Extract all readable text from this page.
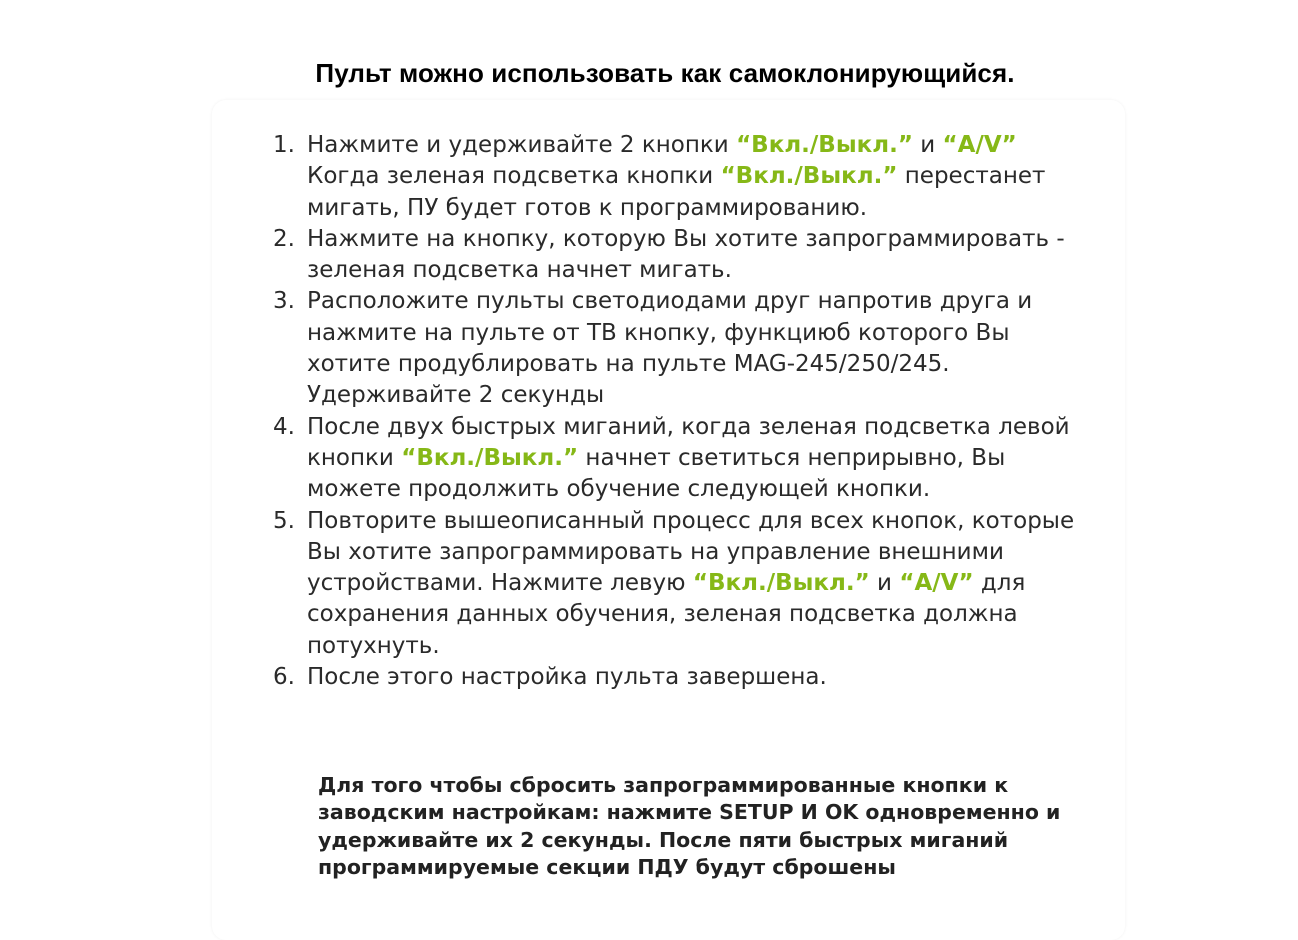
Пульт можно использовать как самоклонирующийся.
1. Нажмите и удерживайте 2 кнопки “Вкл./Выкл.” и “A/V” Когда зеленая подсветка кнопки “Вкл./Выкл.” перестанет мигать, ПУ будет готов к программированию.
2. Нажмите на кнопку, которую Вы хотите запрограммировать - зеленая подсветка начнет мигать.
3. Расположите пульты светодиодами друг напротив друга и нажмите на пульте от ТВ кнопку, функциюб которого Вы хотите продублировать на пульте MAG-245/250/245. Удерживайте 2 секунды
4. После двух быстрых миганий, когда зеленая подсветка левой кнопки “Вкл./Выкл.” начнет светиться неприрывно, Вы можете продолжить обучение следующей кнопки.
5. Повторите вышеописанный процесс для всех кнопок, которые Вы хотите запрограммировать на управление внешними устройствами. Нажмите левую “Вкл./Выкл.” и “A/V” для сохранения данных обучения, зеленая подсветка должна потухнуть.
6. После этого настройка пульта завершена.
Для того чтобы сбросить запрограммированные кнопки к заводским настройкам: нажмите SETUP И OK одновременно и удерживайте их 2 секунды. После пяти быстрых миганий программируемые секции ПДУ будут сброшены
